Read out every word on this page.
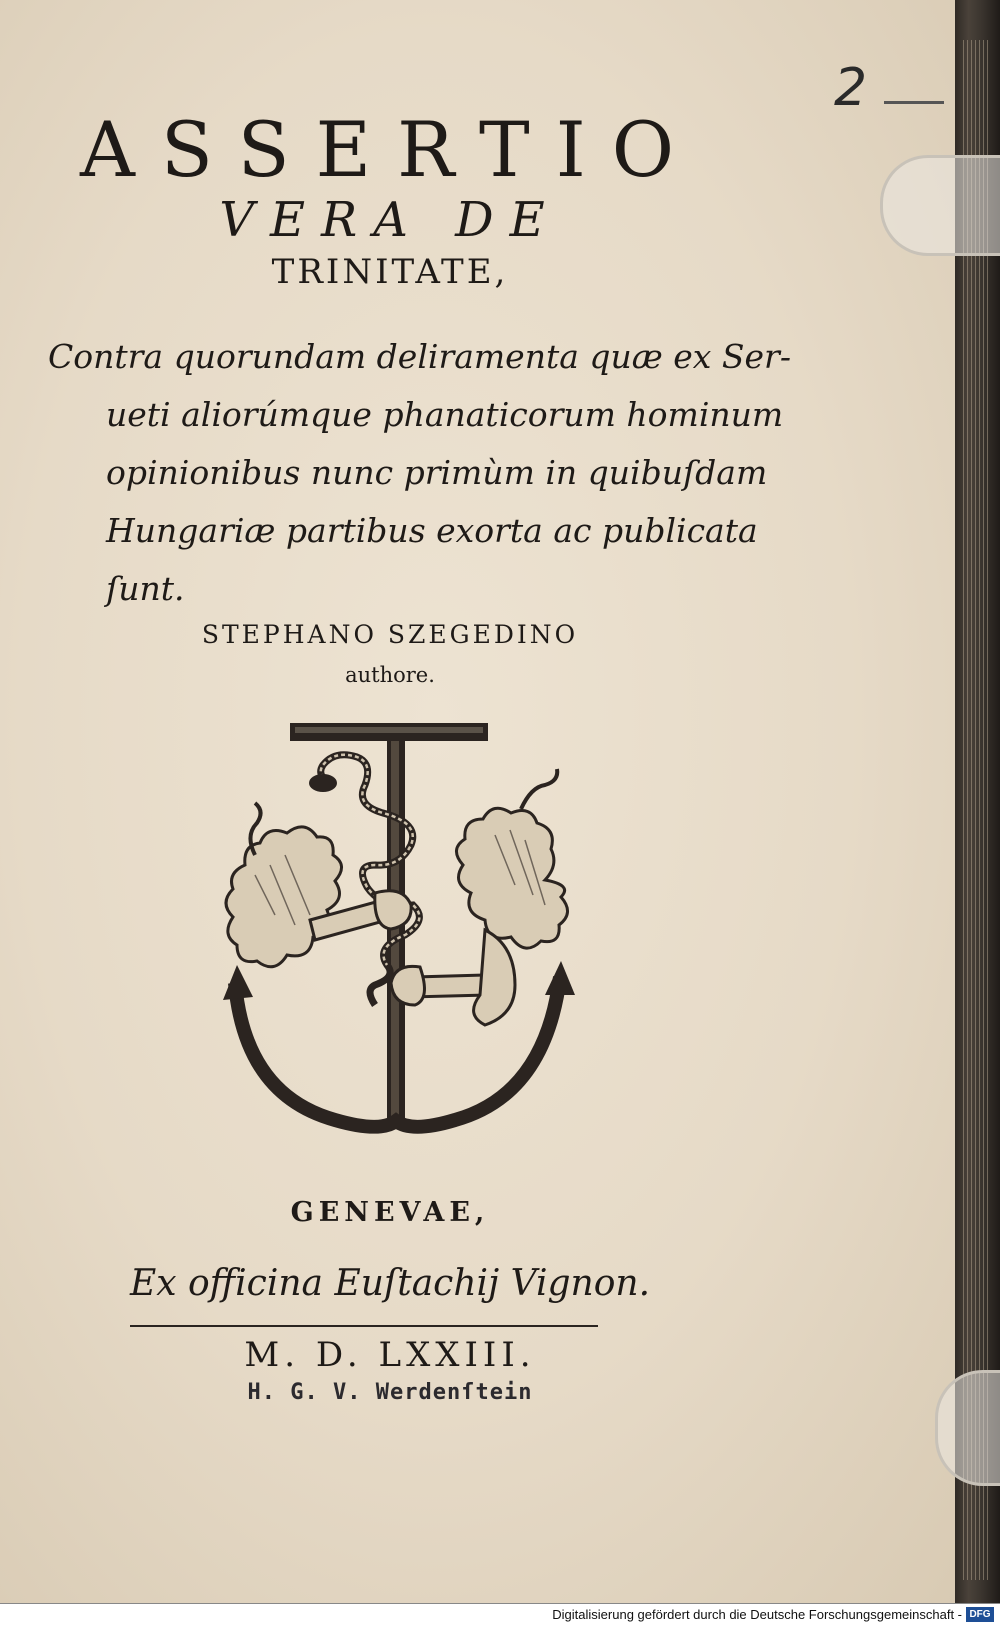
2
ASSERTIO
VERA DE
TRINITATE,
Contra quorundam deliramenta quæ ex Ser-
ueti aliorúmque phanaticorum hominum
opinionibus nunc primùm in quibuſdam
Hungariæ partibus exorta ac publicata
ſunt.
STEPHANO SZEGEDINO
authore.
GENEVAE,
Ex officina Euſtachij Vignon.
M. D. LXXIII.
H. G. V. Werdenſtein
Digitalisierung gefördert durch die Deutsche Forschungsgemeinschaft - DFG
